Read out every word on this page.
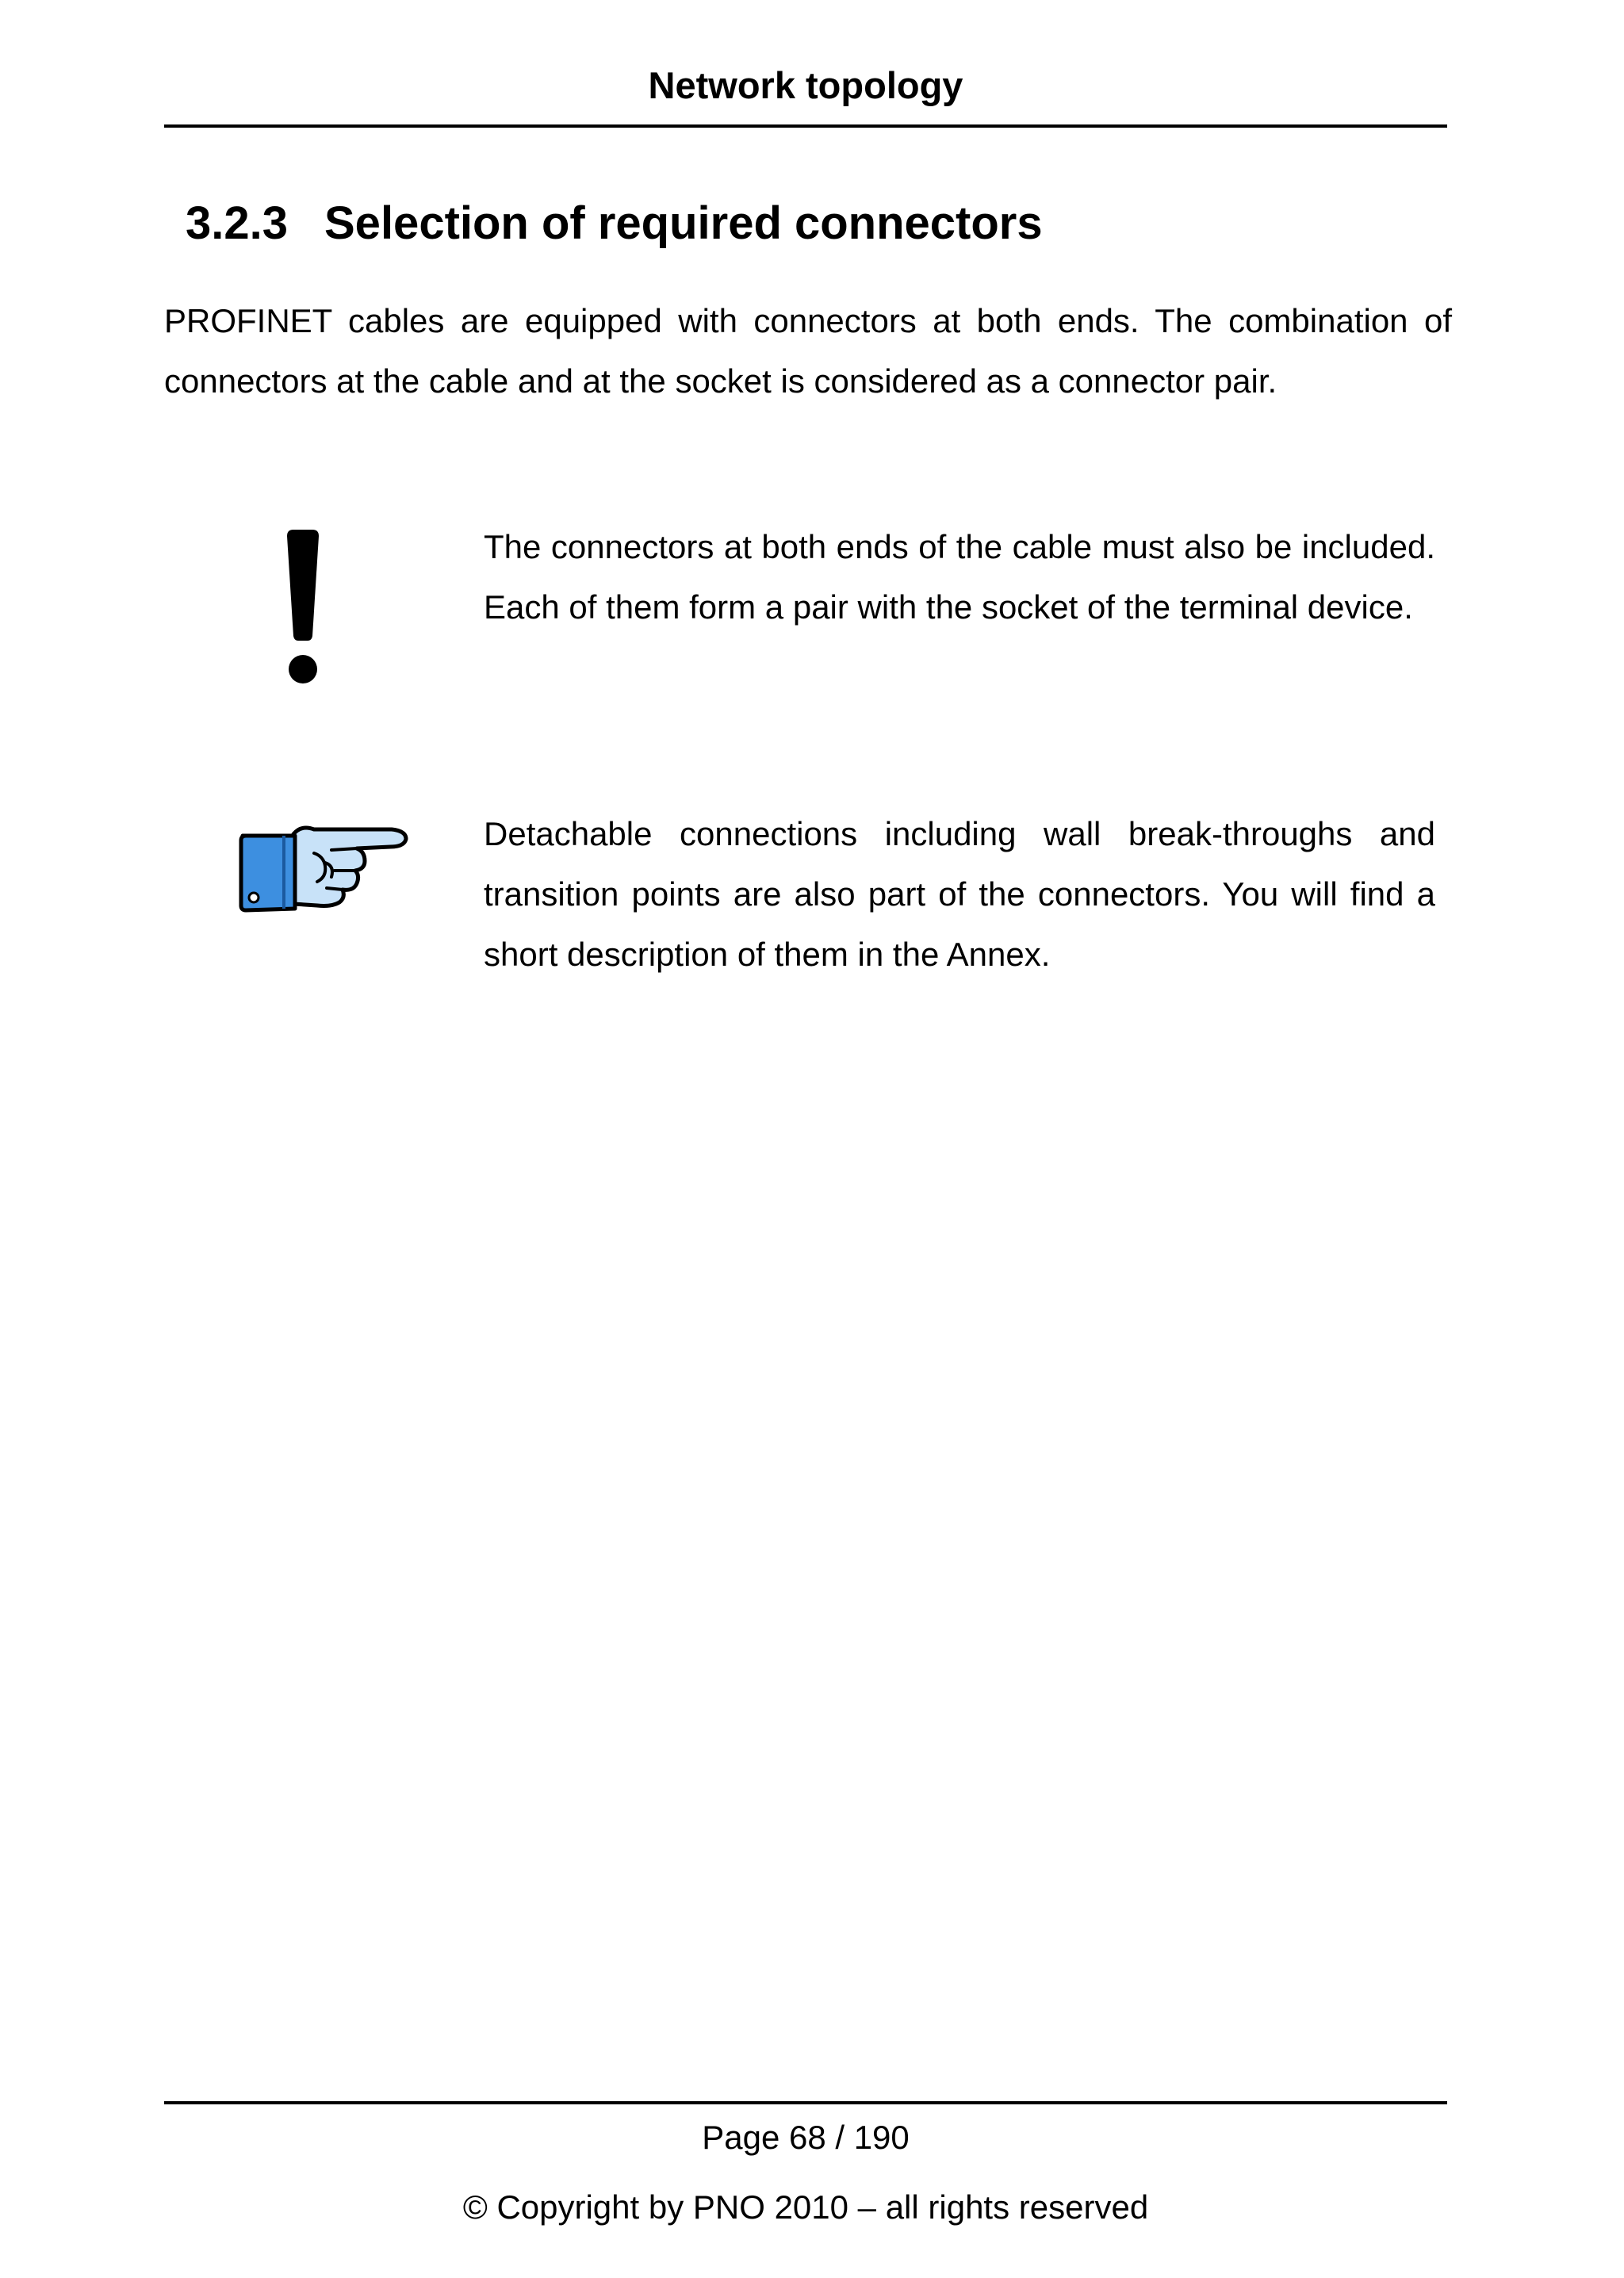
Network topology
3.2.3 Selection of required connectors
PROFINET cables are equipped with connectors at both ends. The combination of connectors at the cable and at the socket is considered as a connector pair.
The connectors at both ends of the cable must also be included. Each of them form a pair with the socket of the terminal device.
Detachable connections including wall break-throughs and transition points are also part of the connectors. You will find a short description of them in the Annex.
Page 68 / 190
© Copyright by PNO 2010 – all rights reserved
